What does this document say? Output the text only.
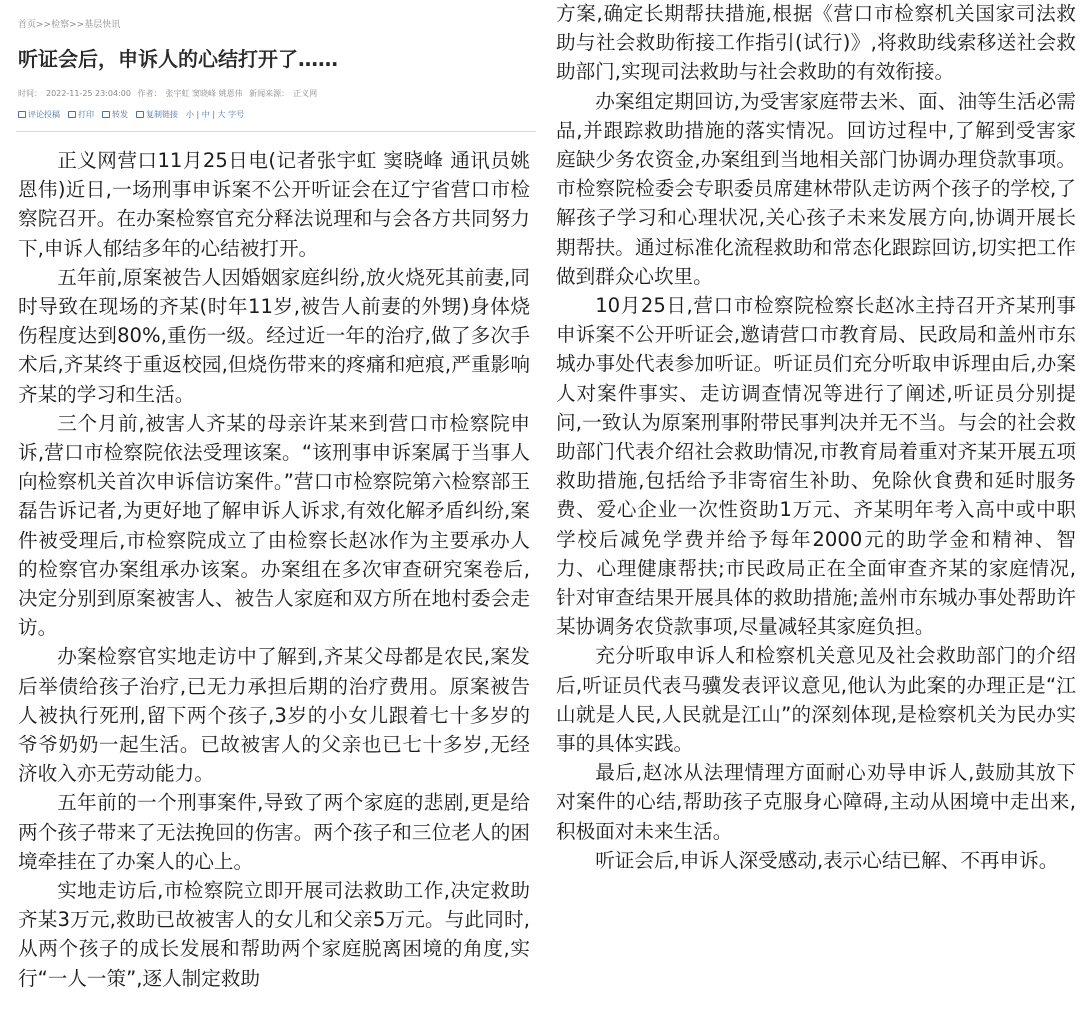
首页>>检察>>基层快讯
听证会后，申诉人的心结打开了……
时间： 2022-11-25 23:04:00 作者： 张宇虹 窦晓峰 姚恩伟 新闻来源： 正义网
评论投稿 打印 转发 复制链接 小 | 中 | 大 字号

正义网营口11月25日电(记者张宇虹 窦晓峰 通讯员姚恩伟)近日,一场刑事申诉案不公开听证会在辽宁省营口市检察院召开。在办案检察官充分释法说理和与会各方共同努力下,申诉人郁结多年的心结被打开。

五年前,原案被告人因婚姻家庭纠纷,放火烧死其前妻,同时导致在现场的齐某(时年11岁,被告人前妻的外甥)身体烧伤程度达到80%,重伤一级。经过近一年的治疗,做了多次手术后,齐某终于重返校园,但烧伤带来的疼痛和疤痕,严重影响齐某的学习和生活。

三个月前,被害人齐某的母亲许某来到营口市检察院申诉,营口市检察院依法受理该案。“该刑事申诉案属于当事人向检察机关首次申诉信访案件。”营口市检察院第六检察部王磊告诉记者,为更好地了解申诉人诉求,有效化解矛盾纠纷,案件被受理后,市检察院成立了由检察长赵冰作为主要承办人的检察官办案组承办该案。办案组在多次审查研究案卷后,决定分别到原案被害人、被告人家庭和双方所在地村委会走访。

办案检察官实地走访中了解到,齐某父母都是农民,案发后举债给孩子治疗,已无力承担后期的治疗费用。原案被告人被执行死刑,留下两个孩子,3岁的小女儿跟着七十多岁的爷爷奶奶一起生活。已故被害人的父亲也已七十多岁,无经济收入亦无劳动能力。

五年前的一个刑事案件,导致了两个家庭的悲剧,更是给两个孩子带来了无法挽回的伤害。两个孩子和三位老人的困境牵挂在了办案人的心上。

实地走访后,市检察院立即开展司法救助工作,决定救助齐某3万元,救助已故被害人的女儿和父亲5万元。与此同时,从两个孩子的成长发展和帮助两个家庭脱离困境的角度,实行“一人一策”,逐人制定救助

方案,确定长期帮扶措施,根据《营口市检察机关国家司法救助与社会救助衔接工作指引(试行)》,将救助线索移送社会救助部门,实现司法救助与社会救助的有效衔接。

办案组定期回访,为受害家庭带去米、面、油等生活必需品,并跟踪救助措施的落实情况。回访过程中,了解到受害家庭缺少务农资金,办案组到当地相关部门协调办理贷款事项。市检察院检委会专职委员席建林带队走访两个孩子的学校,了解孩子学习和心理状况,关心孩子未来发展方向,协调开展长期帮扶。通过标准化流程救助和常态化跟踪回访,切实把工作做到群众心坎里。

10月25日,营口市检察院检察长赵冰主持召开齐某刑事申诉案不公开听证会,邀请营口市教育局、民政局和盖州市东城办事处代表参加听证。听证员们充分听取申诉理由后,办案人对案件事实、走访调查情况等进行了阐述,听证员分别提问,一致认为原案刑事附带民事判决并无不当。与会的社会救助部门代表介绍社会救助情况,市教育局着重对齐某开展五项救助措施,包括给予非寄宿生补助、免除伙食费和延时服务费、爱心企业一次性资助1万元、齐某明年考入高中或中职学校后减免学费并给予每年2000元的助学金和精神、智力、心理健康帮扶;市民政局正在全面审查齐某的家庭情况,针对审查结果开展具体的救助措施;盖州市东城办事处帮助许某协调务农贷款事项,尽量减轻其家庭负担。

充分听取申诉人和检察机关意见及社会救助部门的介绍后,听证员代表马骥发表评议意见,他认为此案的办理正是“江山就是人民,人民就是江山”的深刻体现,是检察机关为民办实事的具体实践。

最后,赵冰从法理情理方面耐心劝导申诉人,鼓励其放下对案件的心结,帮助孩子克服身心障碍,主动从困境中走出来,积极面对未来生活。

听证会后,申诉人深受感动,表示心结已解、不再申诉。
